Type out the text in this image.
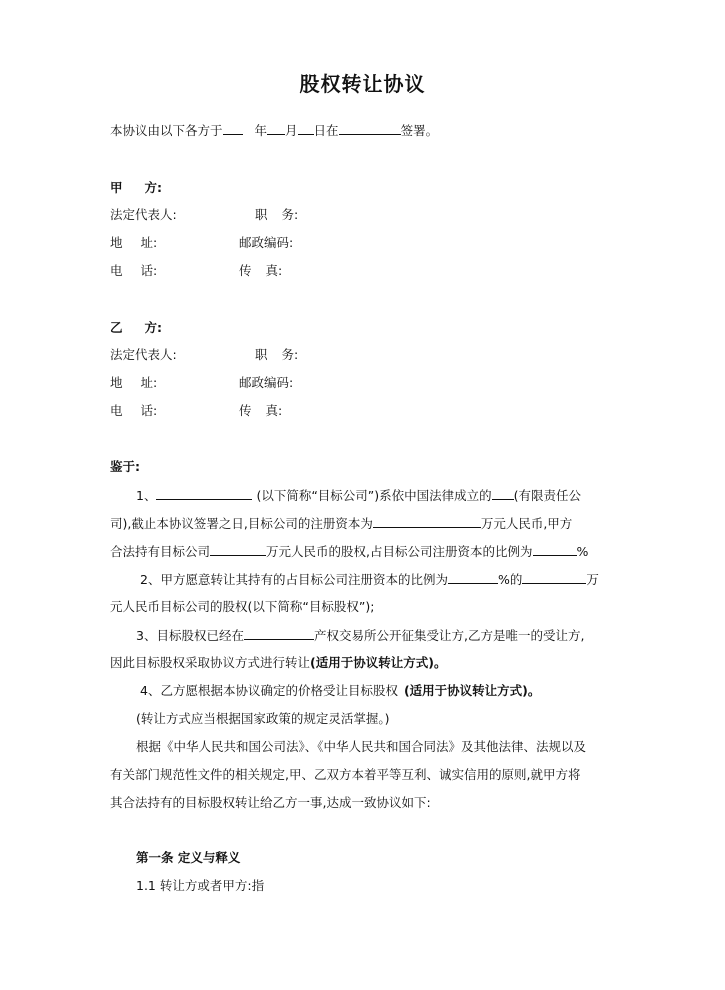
股权转让协议
本协议由以下各方于	年 月 日在	签署。
甲 方:
法定代表人:	职 务:
地 址:	邮政编码:
电 话:	传 真:
乙 方:
法定代表人:	职 务:
地 址:	邮政编码:
电 话:	传 真:
鉴于:
1、	(以下简称“目标公司”)系依中国法律成立的 (有限责任公
司),截止本协议签署之日,目标公司的注册资本为	万元人民币,甲方
合法持有目标公司	万元人民币的股权,占目标公司注册资本的比例为	%
2、甲方愿意转让其持有的占目标公司注册资本的比例为	%的	万
元人民币目标公司的股权(以下简称“目标股权”);
3、目标股权已经在	产权交易所公开征集受让方,乙方是唯一的受让方,
因此目标股权采取协议方式进行转让(适用于协议转让方式)。
4、乙方愿根据本协议确定的价格受让目标股权 (适用于协议转让方式)。
(转让方式应当根据国家政策的规定灵活掌握。)
根据《中华人民共和国公司法》、《中华人民共和国合同法》及其他法律、法规以及
有关部门规范性文件的相关规定,甲、乙双方本着平等互利、诚实信用的原则,就甲方将
其合法持有的目标股权转让给乙方一事,达成一致协议如下:
第一条 定义与释义
1.1 转让方或者甲方:指
